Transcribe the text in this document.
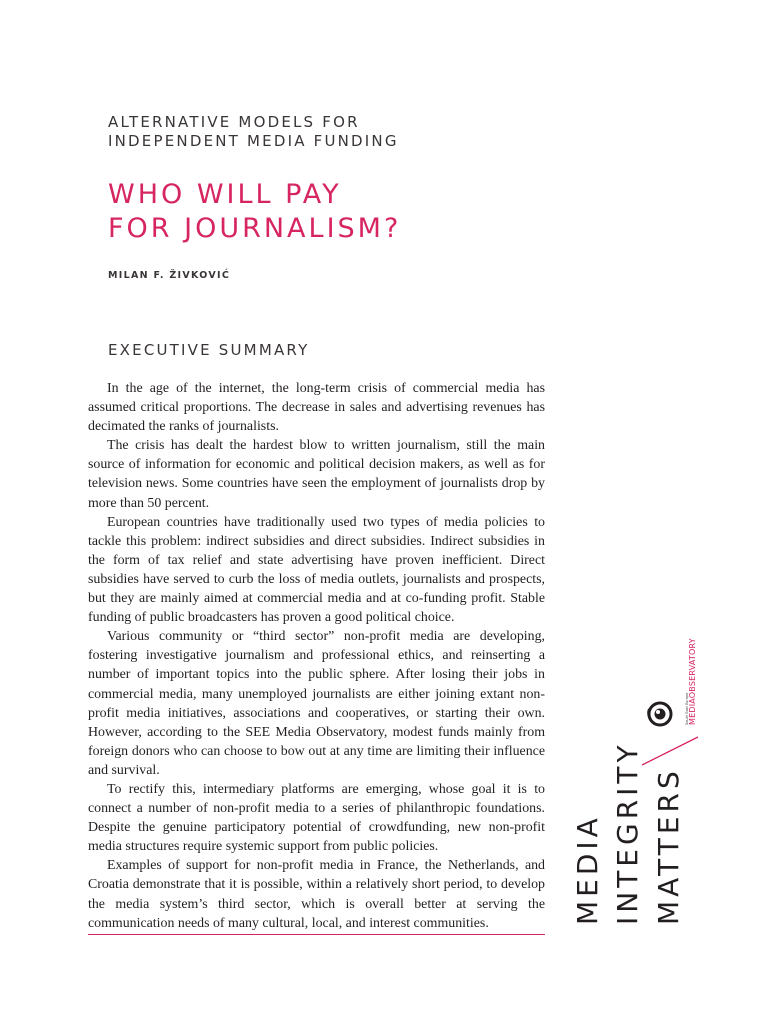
ALTERNATIVE MODELS FOR
INDEPENDENT MEDIA FUNDING
WHO WILL PAY
FOR JOURNALISM?
MILAN F. ŽIVKOVIĆ
EXECUTIVE SUMMARY

In the age of the internet, the long-term crisis of commercial media has assumed critical proportions. The decrease in sales and advertising revenues has decimated the ranks of journalists.

The crisis has dealt the hardest blow to written journalism, still the main source of information for economic and political decision makers, as well as for television news. Some countries have seen the employment of journalists drop by more than 50 percent.

European countries have traditionally used two types of media policies to tackle this problem: indirect subsidies and direct subsidies. Indirect subsidies in the form of tax relief and state advertising have proven inefficient. Direct subsidies have served to curb the loss of media outlets, journalists and prospects, but they are mainly aimed at commercial media and at co-funding profit. Stable funding of public broadcasters has proven a good political choice.

Various community or “third sector” non-profit media are developing, fostering investigative journalism and professional ethics, and reinserting a number of important topics into the public sphere. After losing their jobs in commercial media, many unemployed journalists are either joining extant non-profit media initiatives, associations and cooperatives, or starting their own. However, according to the SEE Media Observatory, modest funds mainly from foreign donors who can choose to bow out at any time are limiting their influence and survival.

To rectify this, intermediary platforms are emerging, whose goal it is to connect a number of non-profit media to a series of philanthropic foundations. Despite the genuine participatory potential of crowdfunding, new non-profit media structures require systemic support from public policies.

Examples of support for non-profit media in France, the Netherlands, and Croatia demonstrate that it is possible, within a relatively short period, to develop the media system’s third sector, which is overall better at serving the communication needs of many cultural, local, and interest communities.	MEDIA INTEGRITY MATTERS
South East Europe MEDIAOBSERVATORY
